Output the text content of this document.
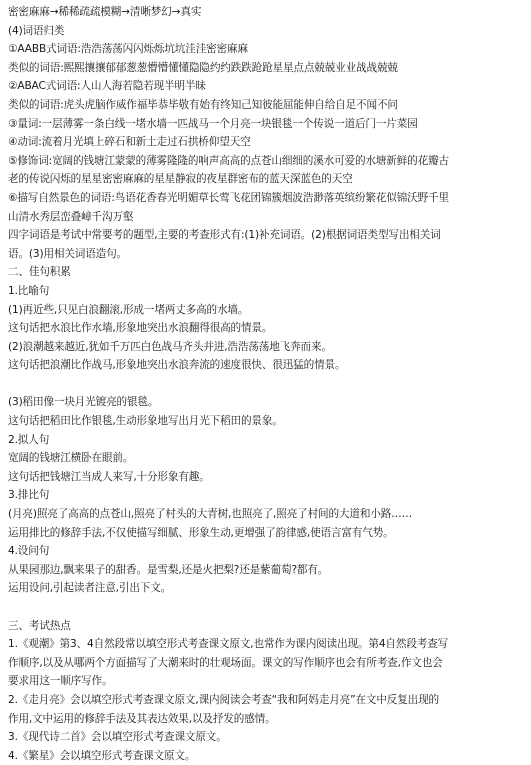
密密麻麻→稀稀疏疏模糊→清晰梦幻→真实
(4)词语归类
①AABB式词语:浩浩荡荡闪闪烁烁坑坑洼洼密密麻麻
类似的词语:熙熙攘攘郁郁葱葱懵懵懂懂隐隐约约跌跌跄跄星星点点兢兢业业战战兢兢
②ABAC式词语:人山人海若隐若现半明半昧
类似的词语:虎头虎脑作威作福毕恭毕敬有始有终知己知彼能屈能伸自给自足不闻不问
③量词:一层薄雾一条白线一堵水墙一匹战马一个月亮一块银毯一个传说一道后门一片菜园
④动词:流着月光填上碎石和新土走过石拱桥仰望天空
⑤修饰词:宽阔的钱塘江蒙蒙的薄雾隆隆的响声高高的点苍山细细的溪水可爱的水塘新鲜的花瓣古
老的传说闪烁的星星密密麻麻的星星静寂的夜星群密布的蓝天深蓝色的天空
⑥描写自然景色的词语:鸟语花香春光明媚草长莺飞花团锦簇烟波浩渺落英缤纷繁花似锦沃野千里
山清水秀层峦叠嶂千沟万壑
四字词语是考试中常要考的题型,主要的考查形式有:(1)补充词语。(2)根据词语类型写出相关词
语。(3)用相关词语造句。
二、佳句积累
1.比喻句
(1)再近些,只见白浪翻滚,形成一堵两丈多高的水墙。
这句话把水浪比作水墙,形象地突出水浪翻得很高的情景。
(2)浪潮越来越近,犹如千万匹白色战马齐头并进,浩浩荡荡地飞奔而来。
这句话把浪潮比作战马,形象地突出水浪奔流的速度很快、很迅猛的情景。
(3)稻田像一块月光镀亮的银毯。
这句话把稻田比作银毯,生动形象地写出月光下稻田的景象。
2.拟人句
宽阔的钱塘江横卧在眼前。
这句话把钱塘江当成人来写,十分形象有趣。
3.排比句
(月亮)照亮了高高的点苍山,照亮了村头的大青树,也照亮了,照亮了村间的大道和小路……
运用排比的修辞手法,不仅使描写细腻、形象生动,更增强了韵律感,使语言富有气势。
4.设问句
从果园那边,飘来果子的甜香。是雪梨,还是火把梨?还是紫葡萄?都有。
运用设问,引起读者注意,引出下文。
三、考试热点
1.《观潮》第3、4自然段常以填空形式考查课文原文,也常作为课内阅读出现。第4自然段考查写
作顺序,以及从哪两个方面描写了大潮来时的壮观场面。课文的写作顺序也会有所考查,作文也会
要求用这一顺序写作。
2.《走月亮》会以填空形式考查课文原文,课内阅读会考查“我和阿妈走月亮”在文中反复出现的
作用,文中运用的修辞手法及其表达效果,以及抒发的感情。
3.《现代诗二首》会以填空形式考查课文原文。
4.《繁星》会以填空形式考查课文原文。
